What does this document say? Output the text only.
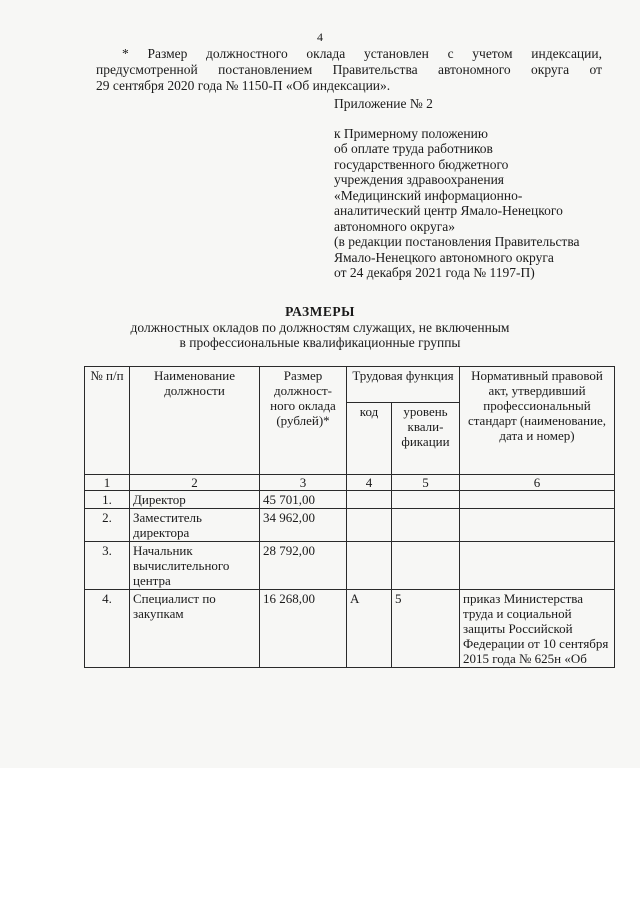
4
* Размер должностного оклада установлен с учетом индексации,
предусмотренной постановлением Правительства автономного округа от
29 сентября 2020 года № 1150-П «Об индексации».
Приложение № 2
к Примерному положению
об оплате труда работников
государственного бюджетного
учреждения здравоохранения
«Медицинский информационно-
аналитический центр Ямало-Ненецкого
автономного округа»
(в редакции постановления Правительства
Ямало-Ненецкого автономного округа
от 24 декабря 2021 года № 1197-П)
РАЗМЕРЫ
должностных окладов по должностям служащих, не включенным
в профессиональные квалификационные группы
№ п/п	Наименование должности	Размер должност-ного оклада (рублей)*	Трудовая функция		Нормативный правовой акт, утвердивший профессиональный стандарт (наименование, дата и номер)
			код	уровень квали-фикации	
1	2	3	4	5	6
1.	Директор	45 701,00			
2.	Заместитель директора	34 962,00			
3.	Начальник вычислительного центра	28 792,00			
4.	Специалист по закупкам	16 268,00	А	5	приказ Министерства труда и социальной защиты Российской Федерации от 10 сентября 2015 года № 625н «Об
